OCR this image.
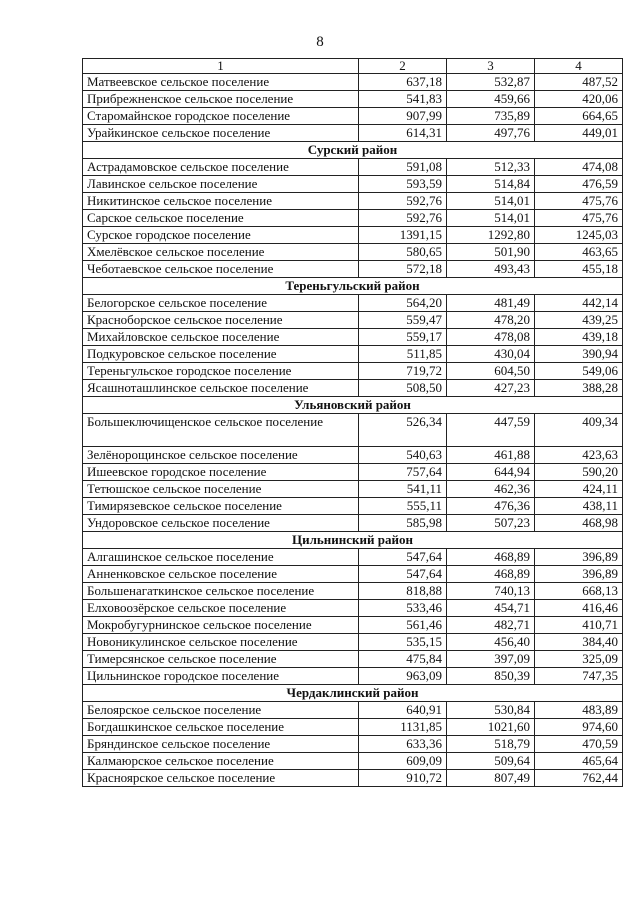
8
1	2	3	4
Матвеевское сельское поселение	637,18	532,87	487,52
Прибрежненское сельское поселение	541,83	459,66	420,06
Старомайнское городское поселение	907,99	735,89	664,65
Урайкинское сельское поселение	614,31	497,76	449,01
Сурский район			
Астрадамовское сельское поселение	591,08	512,33	474,08
Лавинское сельское поселение	593,59	514,84	476,59
Никитинское сельское поселение	592,76	514,01	475,76
Сарское сельское поселение	592,76	514,01	475,76
Сурское городское поселение	1391,15	1292,80	1245,03
Хмелёвское сельское поселение	580,65	501,90	463,65
Чеботаевское сельское поселение	572,18	493,43	455,18
Тереньгульский район			
Белогорское сельское поселение	564,20	481,49	442,14
Красноборское сельское поселение	559,47	478,20	439,25
Михайловское сельское поселение	559,17	478,08	439,18
Подкуровское сельское поселение	511,85	430,04	390,94
Тереньгульское городское поселение	719,72	604,50	549,06
Ясашноташлинское сельское поселение	508,50	427,23	388,28
Ульяновский район			
Большеключищенское сельское поселение	526,34	447,59	409,34
Зелёнорощинское сельское поселение	540,63	461,88	423,63
Ишеевское городское поселение	757,64	644,94	590,20
Тетюшское сельское поселение	541,11	462,36	424,11
Тимирязевское сельское поселение	555,11	476,36	438,11
Ундоровское сельское поселение	585,98	507,23	468,98
Цильнинский район			
Алгашинское сельское поселение	547,64	468,89	396,89
Анненковское сельское поселение	547,64	468,89	396,89
Большенагаткинское сельское поселение	818,88	740,13	668,13
Елховоозёрское сельское поселение	533,46	454,71	416,46
Мокробугурнинское сельское поселение	561,46	482,71	410,71
Новоникулинское сельское поселение	535,15	456,40	384,40
Тимерсянское сельское поселение	475,84	397,09	325,09
Цильнинское городское поселение	963,09	850,39	747,35
Чердаклинский район			
Белоярское сельское поселение	640,91	530,84	483,89
Богдашкинское сельское поселение	1131,85	1021,60	974,60
Бряндинское сельское поселение	633,36	518,79	470,59
Калмаюрское сельское поселение	609,09	509,64	465,64
Красноярское сельское поселение	910,72	807,49	762,44
